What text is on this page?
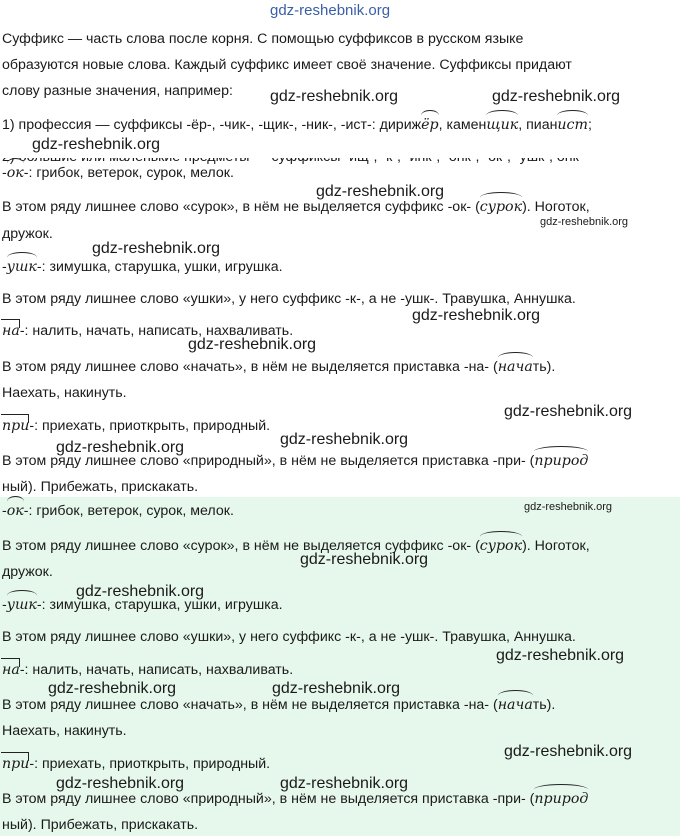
gdz-reshebnik.org
Суффикс — часть слова после корня. С помощью суффиксов в русском языке
образуются новые слова. Каждый суффикс имеет своё значение. Суффиксы придают
слову разные значения, например:
1) профессия — суффиксы -ёр-, -чик-, -щик-, -ник-, -ист-: дирижёр, каменщик, пианист;
-ок-: грибок, ветерок, сурок, мелок.
В этом ряду лишнее слово «сурок», в нём не выделяется суффикс -ок- (сурок). Ноготок,
дружок.
-ушк-: зимушка, старушка, ушки, игрушка.
В этом ряду лишнее слово «ушки», у него суффикс -к-, а не -ушк-. Травушка, Аннушка.
на-: налить, начать, написать, нахваливать.
В этом ряду лишнее слово «начать», в нём не выделяется приставка -на- (начать).
Наехать, накинуть.
при-: приехать, приоткрыть, природный.
В этом ряду лишнее слово «природный», в нём не выделяется приставка -при- (природ
ный). Прибежать, прискакать.
-ок-: грибок, ветерок, сурок, мелок.
В этом ряду лишнее слово «сурок», в нём не выделяется суффикс -ок- (сурок). Ноготок,
дружок.
-ушк-: зимушка, старушка, ушки, игрушка.
В этом ряду лишнее слово «ушки», у него суффикс -к-, а не -ушк-. Травушка, Аннушка.
на-: налить, начать, написать, нахваливать.
В этом ряду лишнее слово «начать», в нём не выделяется приставка -на- (начать).
Наехать, накинуть.
при-: приехать, приоткрыть, природный.
В этом ряду лишнее слово «природный», в нём не выделяется приставка -при- (природ
ный). Прибежать, прискакать.
gdz-reshebnik.org	gdz-reshebnik.org
gdz-reshebnik.org
gdz-reshebnik.org
gdz-reshebnik.org
gdz-reshebnik.org
gdz-reshebnik.org
gdz-reshebnik.org
gdz-reshebnik.org
gdz-reshebnik.org
gdz-reshebnik.org
gdz-reshebnik.org
gdz-reshebnik.org
gdz-reshebnik.org
gdz-reshebnik.org
gdz-reshebnik.org	gdz-reshebnik.org
gdz-reshebnik.org
gdz-reshebnik.org	gdz-reshebnik.org
